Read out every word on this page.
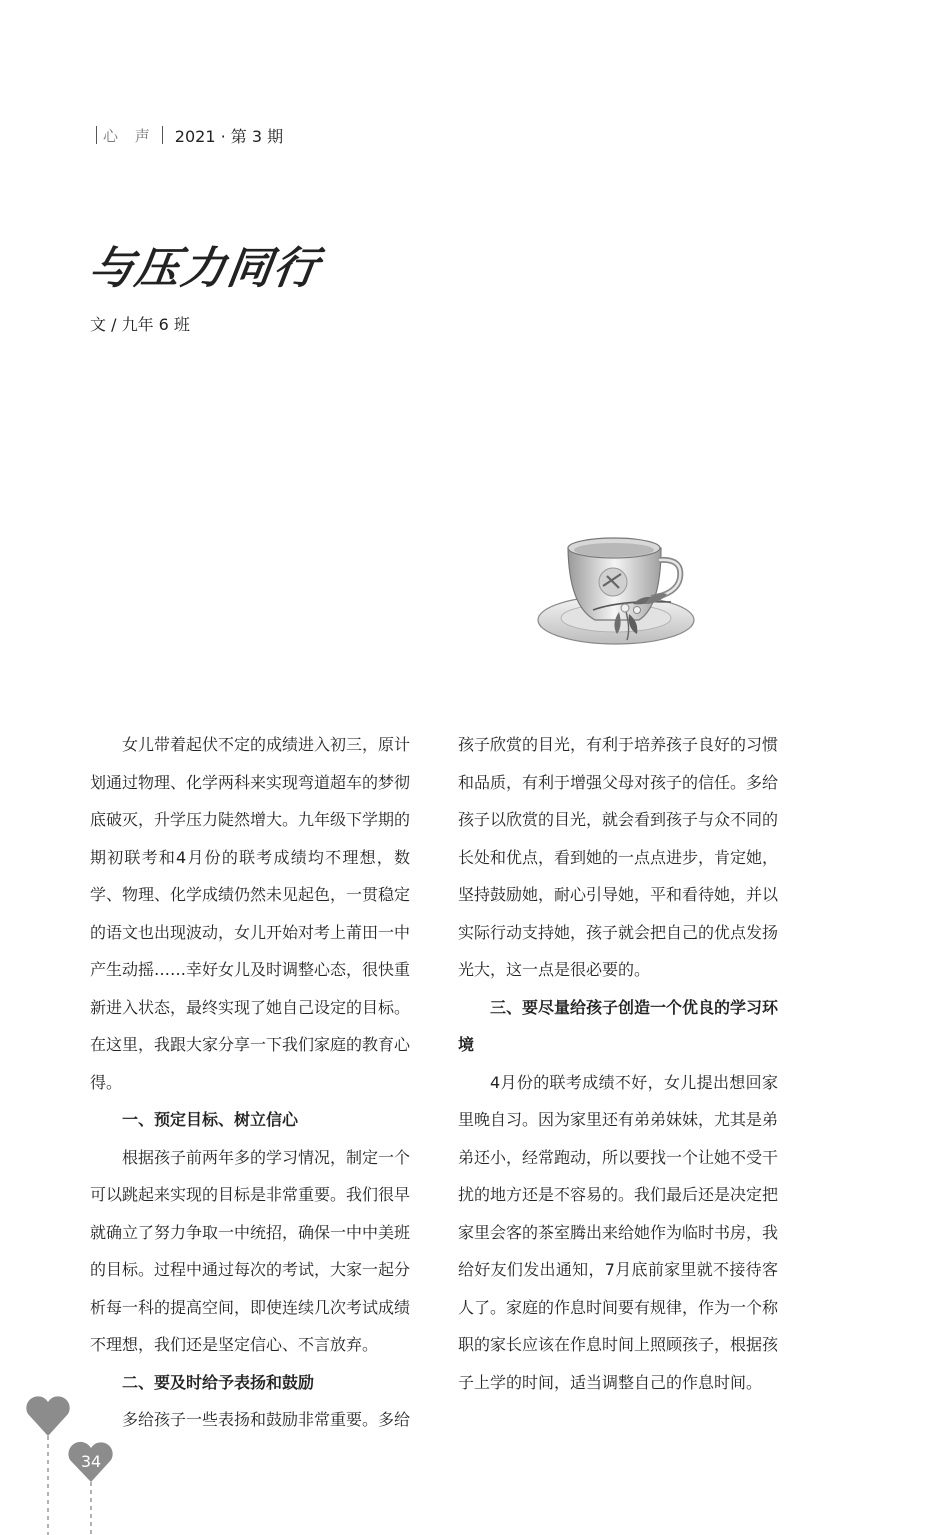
心 声 2021 · 第 3 期
与压力同行
文 / 九年 6 班

女儿带着起伏不定的成绩进入初三，原计划通过物理、化学两科来实现弯道超车的梦彻底破灭，升学压力陡然增大。九年级下学期的期初联考和4月份的联考成绩均不理想，数学、物理、化学成绩仍然未见起色，一贯稳定的语文也出现波动，女儿开始对考上莆田一中产生动摇……幸好女儿及时调整心态，很快重新进入状态，最终实现了她自己设定的目标。在这里，我跟大家分享一下我们家庭的教育心得。

一、预定目标、树立信心

根据孩子前两年多的学习情况，制定一个可以跳起来实现的目标是非常重要。我们很早就确立了努力争取一中统招，确保一中中美班的目标。过程中通过每次的考试，大家一起分析每一科的提高空间，即使连续几次考试成绩不理想，我们还是坚定信心、不言放弃。

二、要及时给予表扬和鼓励

多给孩子一些表扬和鼓励非常重要。多给

孩子欣赏的目光，有利于培养孩子良好的习惯和品质，有利于增强父母对孩子的信任。多给孩子以欣赏的目光，就会看到孩子与众不同的长处和优点，看到她的一点点进步，肯定她，坚持鼓励她，耐心引导她，平和看待她，并以实际行动支持她，孩子就会把自己的优点发扬光大，这一点是很必要的。

三、要尽量给孩子创造一个优良的学习环境

4月份的联考成绩不好，女儿提出想回家里晚自习。因为家里还有弟弟妹妹，尤其是弟弟还小，经常跑动，所以要找一个让她不受干扰的地方还是不容易的。我们最后还是决定把家里会客的茶室腾出来给她作为临时书房，我给好友们发出通知，7月底前家里就不接待客人了。家庭的作息时间要有规律，作为一个称职的家长应该在作息时间上照顾孩子，根据孩子上学的时间，适当调整自己的作息时间。

34
